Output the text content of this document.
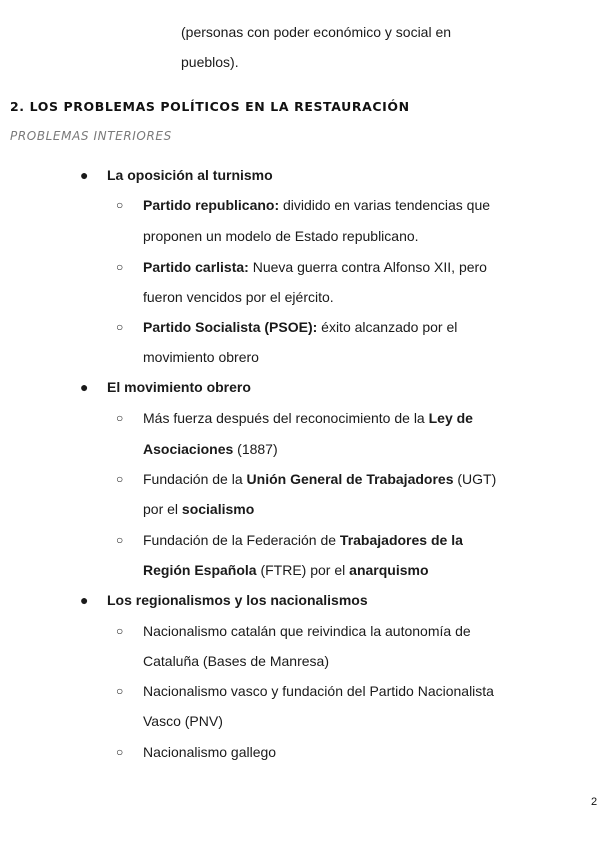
(personas con poder económico y social en
pueblos).
2. LOS PROBLEMAS POLÍTICOS EN LA RESTAURACIÓN
PROBLEMAS INTERIORES
● La oposición al turnismo
○ Partido republicano: dividido en varias tendencias que
proponen un modelo de Estado republicano.
○ Partido carlista: Nueva guerra contra Alfonso XII, pero
fueron vencidos por el ejército.
○ Partido Socialista (PSOE): éxito alcanzado por el
movimiento obrero
● El movimiento obrero
○ Más fuerza después del reconocimiento de la Ley de
Asociaciones (1887)
○ Fundación de la Unión General de Trabajadores (UGT)
por el socialismo
○ Fundación de la Federación de Trabajadores de la
Región Española (FTRE) por el anarquismo
● Los regionalismos y los nacionalismos
○ Nacionalismo catalán que reivindica la autonomía de
Cataluña (Bases de Manresa)
○ Nacionalismo vasco y fundación del Partido Nacionalista
Vasco (PNV)
○ Nacionalismo gallego
2
